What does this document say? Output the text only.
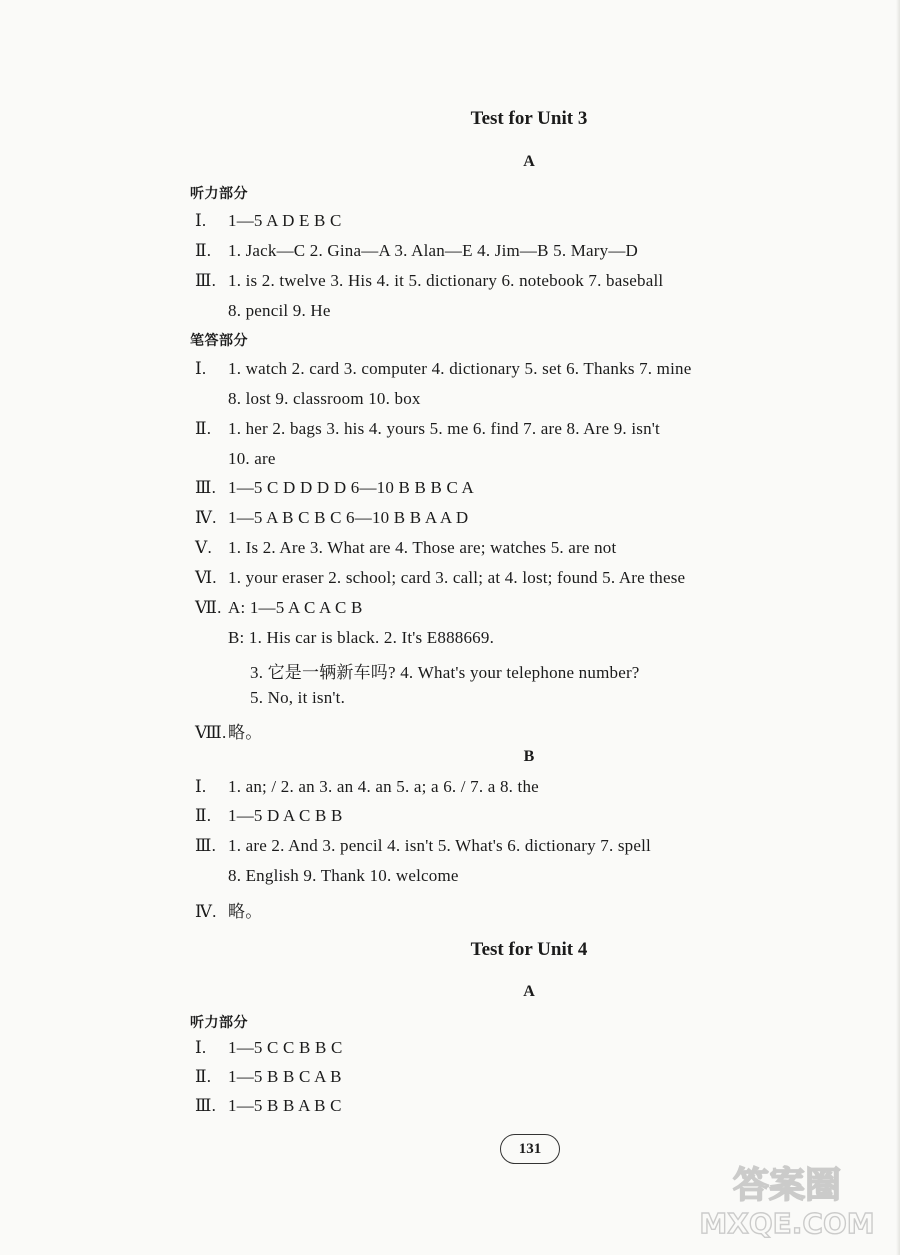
Test for Unit 3
A
听力部分
Ⅰ. 1—5 A D E B C
Ⅱ. 1. Jack—C 2. Gina—A 3. Alan—E 4. Jim—B 5. Mary—D
Ⅲ. 1. is 2. twelve 3. His 4. it 5. dictionary 6. notebook 7. baseball
8. pencil 9. He
笔答部分
Ⅰ. 1. watch 2. card 3. computer 4. dictionary 5. set 6. Thanks 7. mine
8. lost 9. classroom 10. box
Ⅱ. 1. her 2. bags 3. his 4. yours 5. me 6. find 7. are 8. Are 9. isn't
10. are
Ⅲ. 1—5 C D D D D 6—10 B B B C A
Ⅳ. 1—5 A B C B C 6—10 B B A A D
Ⅴ. 1. Is 2. Are 3. What are 4. Those are; watches 5. are not
Ⅵ. 1. your eraser 2. school; card 3. call; at 4. lost; found 5. Are these
Ⅶ. A: 1—5 A C A C B
B: 1. His car is black. 2. It's E888669.
3. 它是一辆新车吗? 4. What's your telephone number?
5. No, it isn't.
Ⅷ.略。
B
Ⅰ. 1. an; / 2. an 3. an 4. an 5. a; a 6. / 7. a 8. the
Ⅱ. 1—5 D A C B B
Ⅲ. 1. are 2. And 3. pencil 4. isn't 5. What's 6. dictionary 7. spell
8. English 9. Thank 10. welcome
Ⅳ. 略。
Test for Unit 4
A
听力部分
Ⅰ. 1—5 C C B B C
Ⅱ. 1—5 B B C A B
Ⅲ. 1—5 B B A B C
131
答案圈
MXQE.COM
